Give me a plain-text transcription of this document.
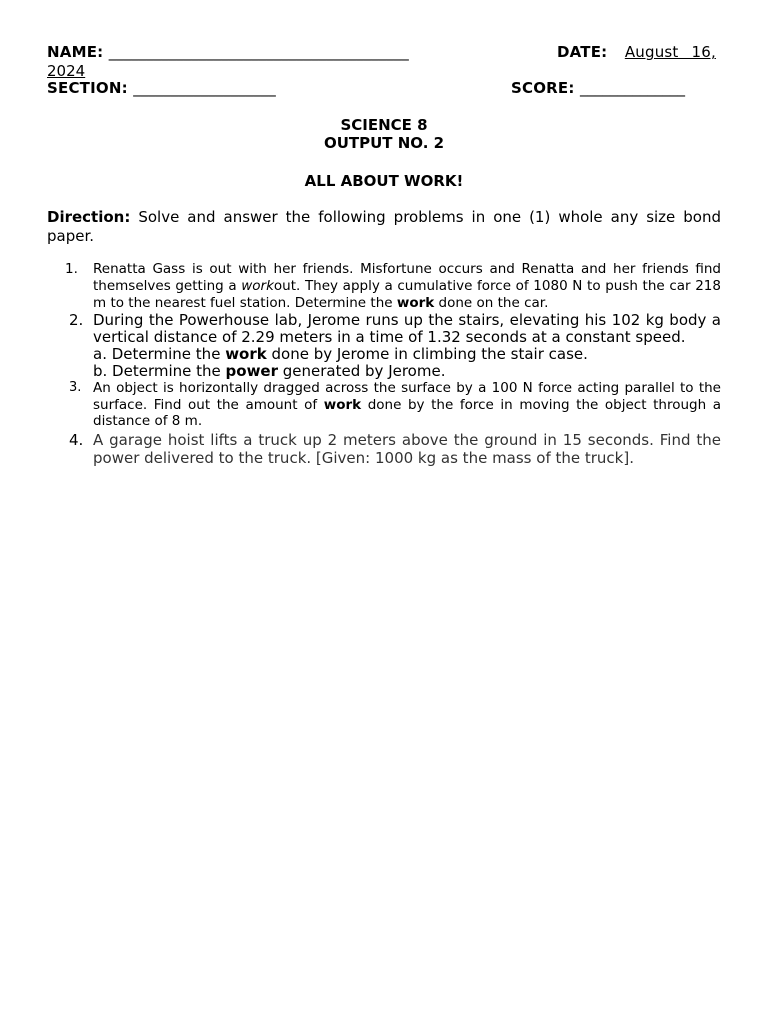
NAME: ________________________________________	DATE: August 16,
2024
SECTION: ___________________	SCORE: ______________
SCIENCE 8
OUTPUT NO. 2
ALL ABOUT WORK!
Direction: Solve and answer the following problems in one (1) whole any size bond paper.
1. Renatta Gass is out with her friends. Misfortune occurs and Renatta and her friends find themselves getting a workout. They apply a cumulative force of 1080 N to push the car 218 m to the nearest fuel station. Determine the work done on the car.
2. During the Powerhouse lab, Jerome runs up the stairs, elevating his 102 kg body a vertical distance of 2.29 meters in a time of 1.32 seconds at a constant speed.
a. Determine the work done by Jerome in climbing the stair case.
b. Determine the power generated by Jerome.
3. An object is horizontally dragged across the surface by a 100 N force acting parallel to the surface. Find out the amount of work done by the force in moving the object through a distance of 8 m.
4. A garage hoist lifts a truck up 2 meters above the ground in 15 seconds. Find the power delivered to the truck. [Given: 1000 kg as the mass of the truck].
